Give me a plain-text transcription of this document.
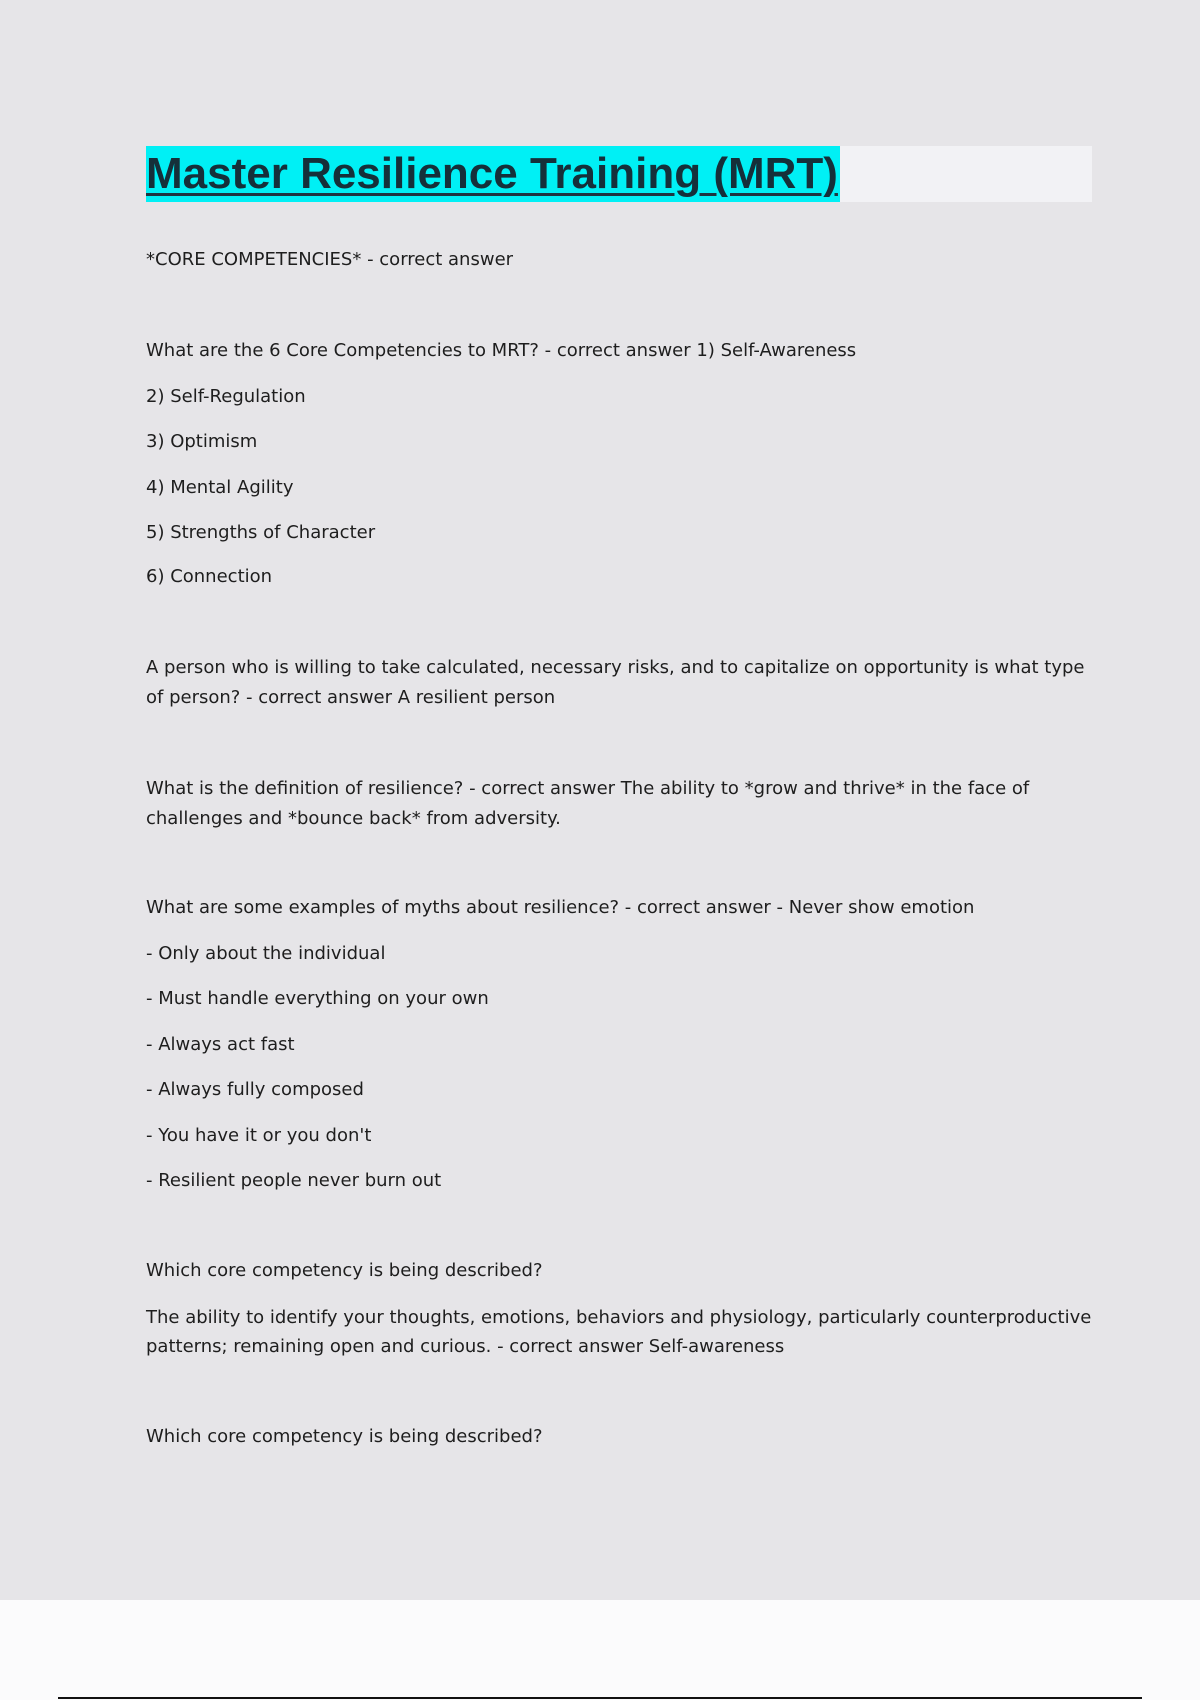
Master Resilience Training (MRT)

*CORE COMPETENCIES* - correct answer

What are the 6 Core Competencies to MRT? - correct answer 1) Self-Awareness

2) Self-Regulation

3) Optimism

4) Mental Agility

5) Strengths of Character

6) Connection

A person who is willing to take calculated, necessary risks, and to capitalize on opportunity is what type

of person? - correct answer A resilient person

What is the definition of resilience? - correct answer The ability to *grow and thrive* in the face of

challenges and *bounce back* from adversity.

What are some examples of myths about resilience? - correct answer - Never show emotion

- Only about the individual

- Must handle everything on your own

- Always act fast

- Always fully composed

- You have it or you don't

- Resilient people never burn out

Which core competency is being described?

The ability to identify your thoughts, emotions, behaviors and physiology, particularly counterproductive

patterns; remaining open and curious. - correct answer Self-awareness

Which core competency is being described?
